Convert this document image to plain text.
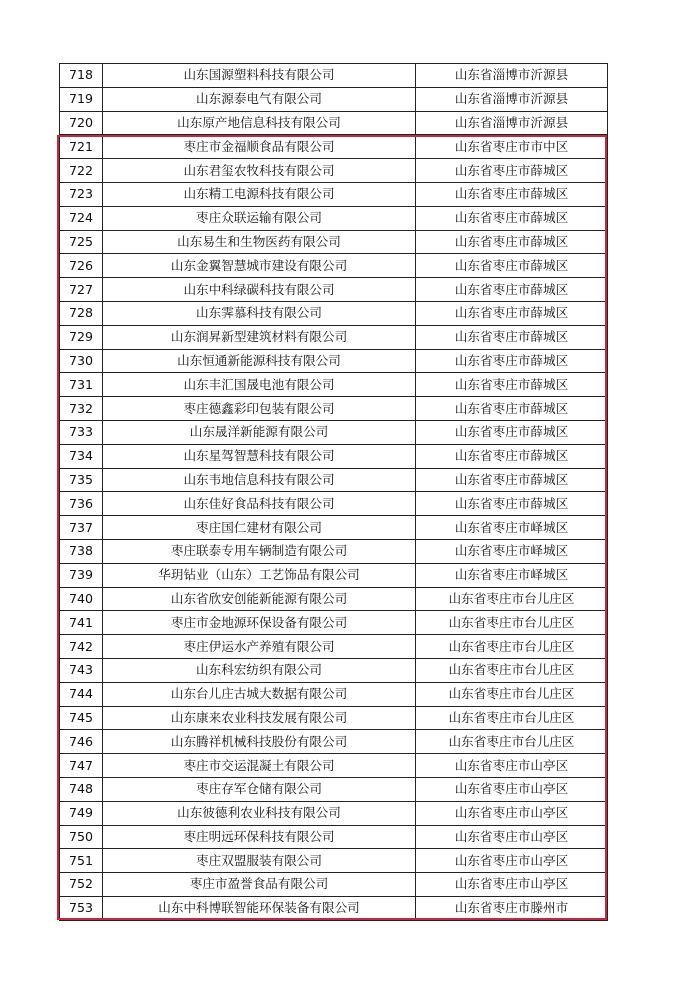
718	山东国源塑料科技有限公司	山东省淄博市沂源县
719	山东源泰电气有限公司	山东省淄博市沂源县
720	山东原产地信息科技有限公司	山东省淄博市沂源县
721	枣庄市金福顺食品有限公司	山东省枣庄市市中区
722	山东君玺农牧科技有限公司	山东省枣庄市薛城区
723	山东精工电源科技有限公司	山东省枣庄市薛城区
724	枣庄众联运输有限公司	山东省枣庄市薛城区
725	山东易生和生物医药有限公司	山东省枣庄市薛城区
726	山东金翼智慧城市建设有限公司	山东省枣庄市薛城区
727	山东中科绿碳科技有限公司	山东省枣庄市薛城区
728	山东霁慕科技有限公司	山东省枣庄市薛城区
729	山东润昇新型建筑材料有限公司	山东省枣庄市薛城区
730	山东恒通新能源科技有限公司	山东省枣庄市薛城区
731	山东丰汇国晟电池有限公司	山东省枣庄市薛城区
732	枣庄德鑫彩印包装有限公司	山东省枣庄市薛城区
733	山东晟洋新能源有限公司	山东省枣庄市薛城区
734	山东星驾智慧科技有限公司	山东省枣庄市薛城区
735	山东韦地信息科技有限公司	山东省枣庄市薛城区
736	山东佳好食品科技有限公司	山东省枣庄市薛城区
737	枣庄国仁建材有限公司	山东省枣庄市峄城区
738	枣庄联泰专用车辆制造有限公司	山东省枣庄市峄城区
739	华玥钻业（山东）工艺饰品有限公司	山东省枣庄市峄城区
740	山东省欣安创能新能源有限公司	山东省枣庄市台儿庄区
741	枣庄市金地源环保设备有限公司	山东省枣庄市台儿庄区
742	枣庄伊运水产养殖有限公司	山东省枣庄市台儿庄区
743	山东科宏纺织有限公司	山东省枣庄市台儿庄区
744	山东台儿庄古城大数据有限公司	山东省枣庄市台儿庄区
745	山东康来农业科技发展有限公司	山东省枣庄市台儿庄区
746	山东腾祥机械科技股份有限公司	山东省枣庄市台儿庄区
747	枣庄市交运混凝土有限公司	山东省枣庄市山亭区
748	枣庄存军仓储有限公司	山东省枣庄市山亭区
749	山东彼德利农业科技有限公司	山东省枣庄市山亭区
750	枣庄明远环保科技有限公司	山东省枣庄市山亭区
751	枣庄双盟服装有限公司	山东省枣庄市山亭区
752	枣庄市盈誉食品有限公司	山东省枣庄市山亭区
753	山东中科博联智能环保装备有限公司	山东省枣庄市滕州市
